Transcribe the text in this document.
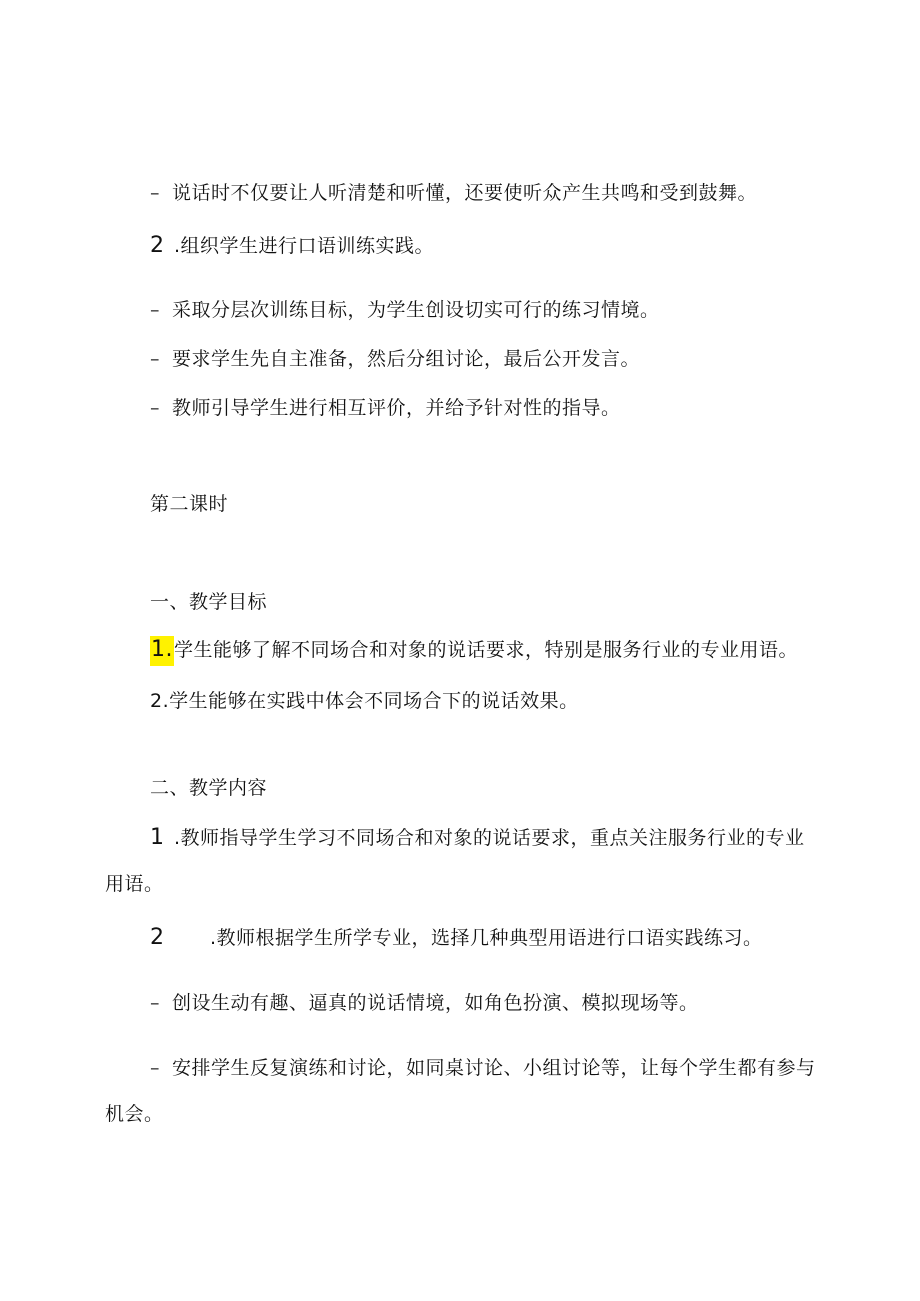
– 说话时不仅要让人听清楚和听懂，还要使听众产生共鸣和受到鼓舞。
2 .组织学生进行口语训练实践。
– 采取分层次训练目标，为学生创设切实可行的练习情境。
– 要求学生先自主准备，然后分组讨论，最后公开发言。
– 教师引导学生进行相互评价，并给予针对性的指导。
第二课时
一、教学目标
1.学生能够了解不同场合和对象的说话要求，特别是服务行业的专业用语。
2.学生能够在实践中体会不同场合下的说话效果。
二、教学内容
1 .教师指导学生学习不同场合和对象的说话要求，重点关注服务行业的专业
用语。
2 .教师根据学生所学专业，选择几种典型用语进行口语实践练习。
– 创设生动有趣、逼真的说话情境，如角色扮演、模拟现场等。
– 安排学生反复演练和讨论，如同桌讨论、小组讨论等，让每个学生都有参与
机会。
